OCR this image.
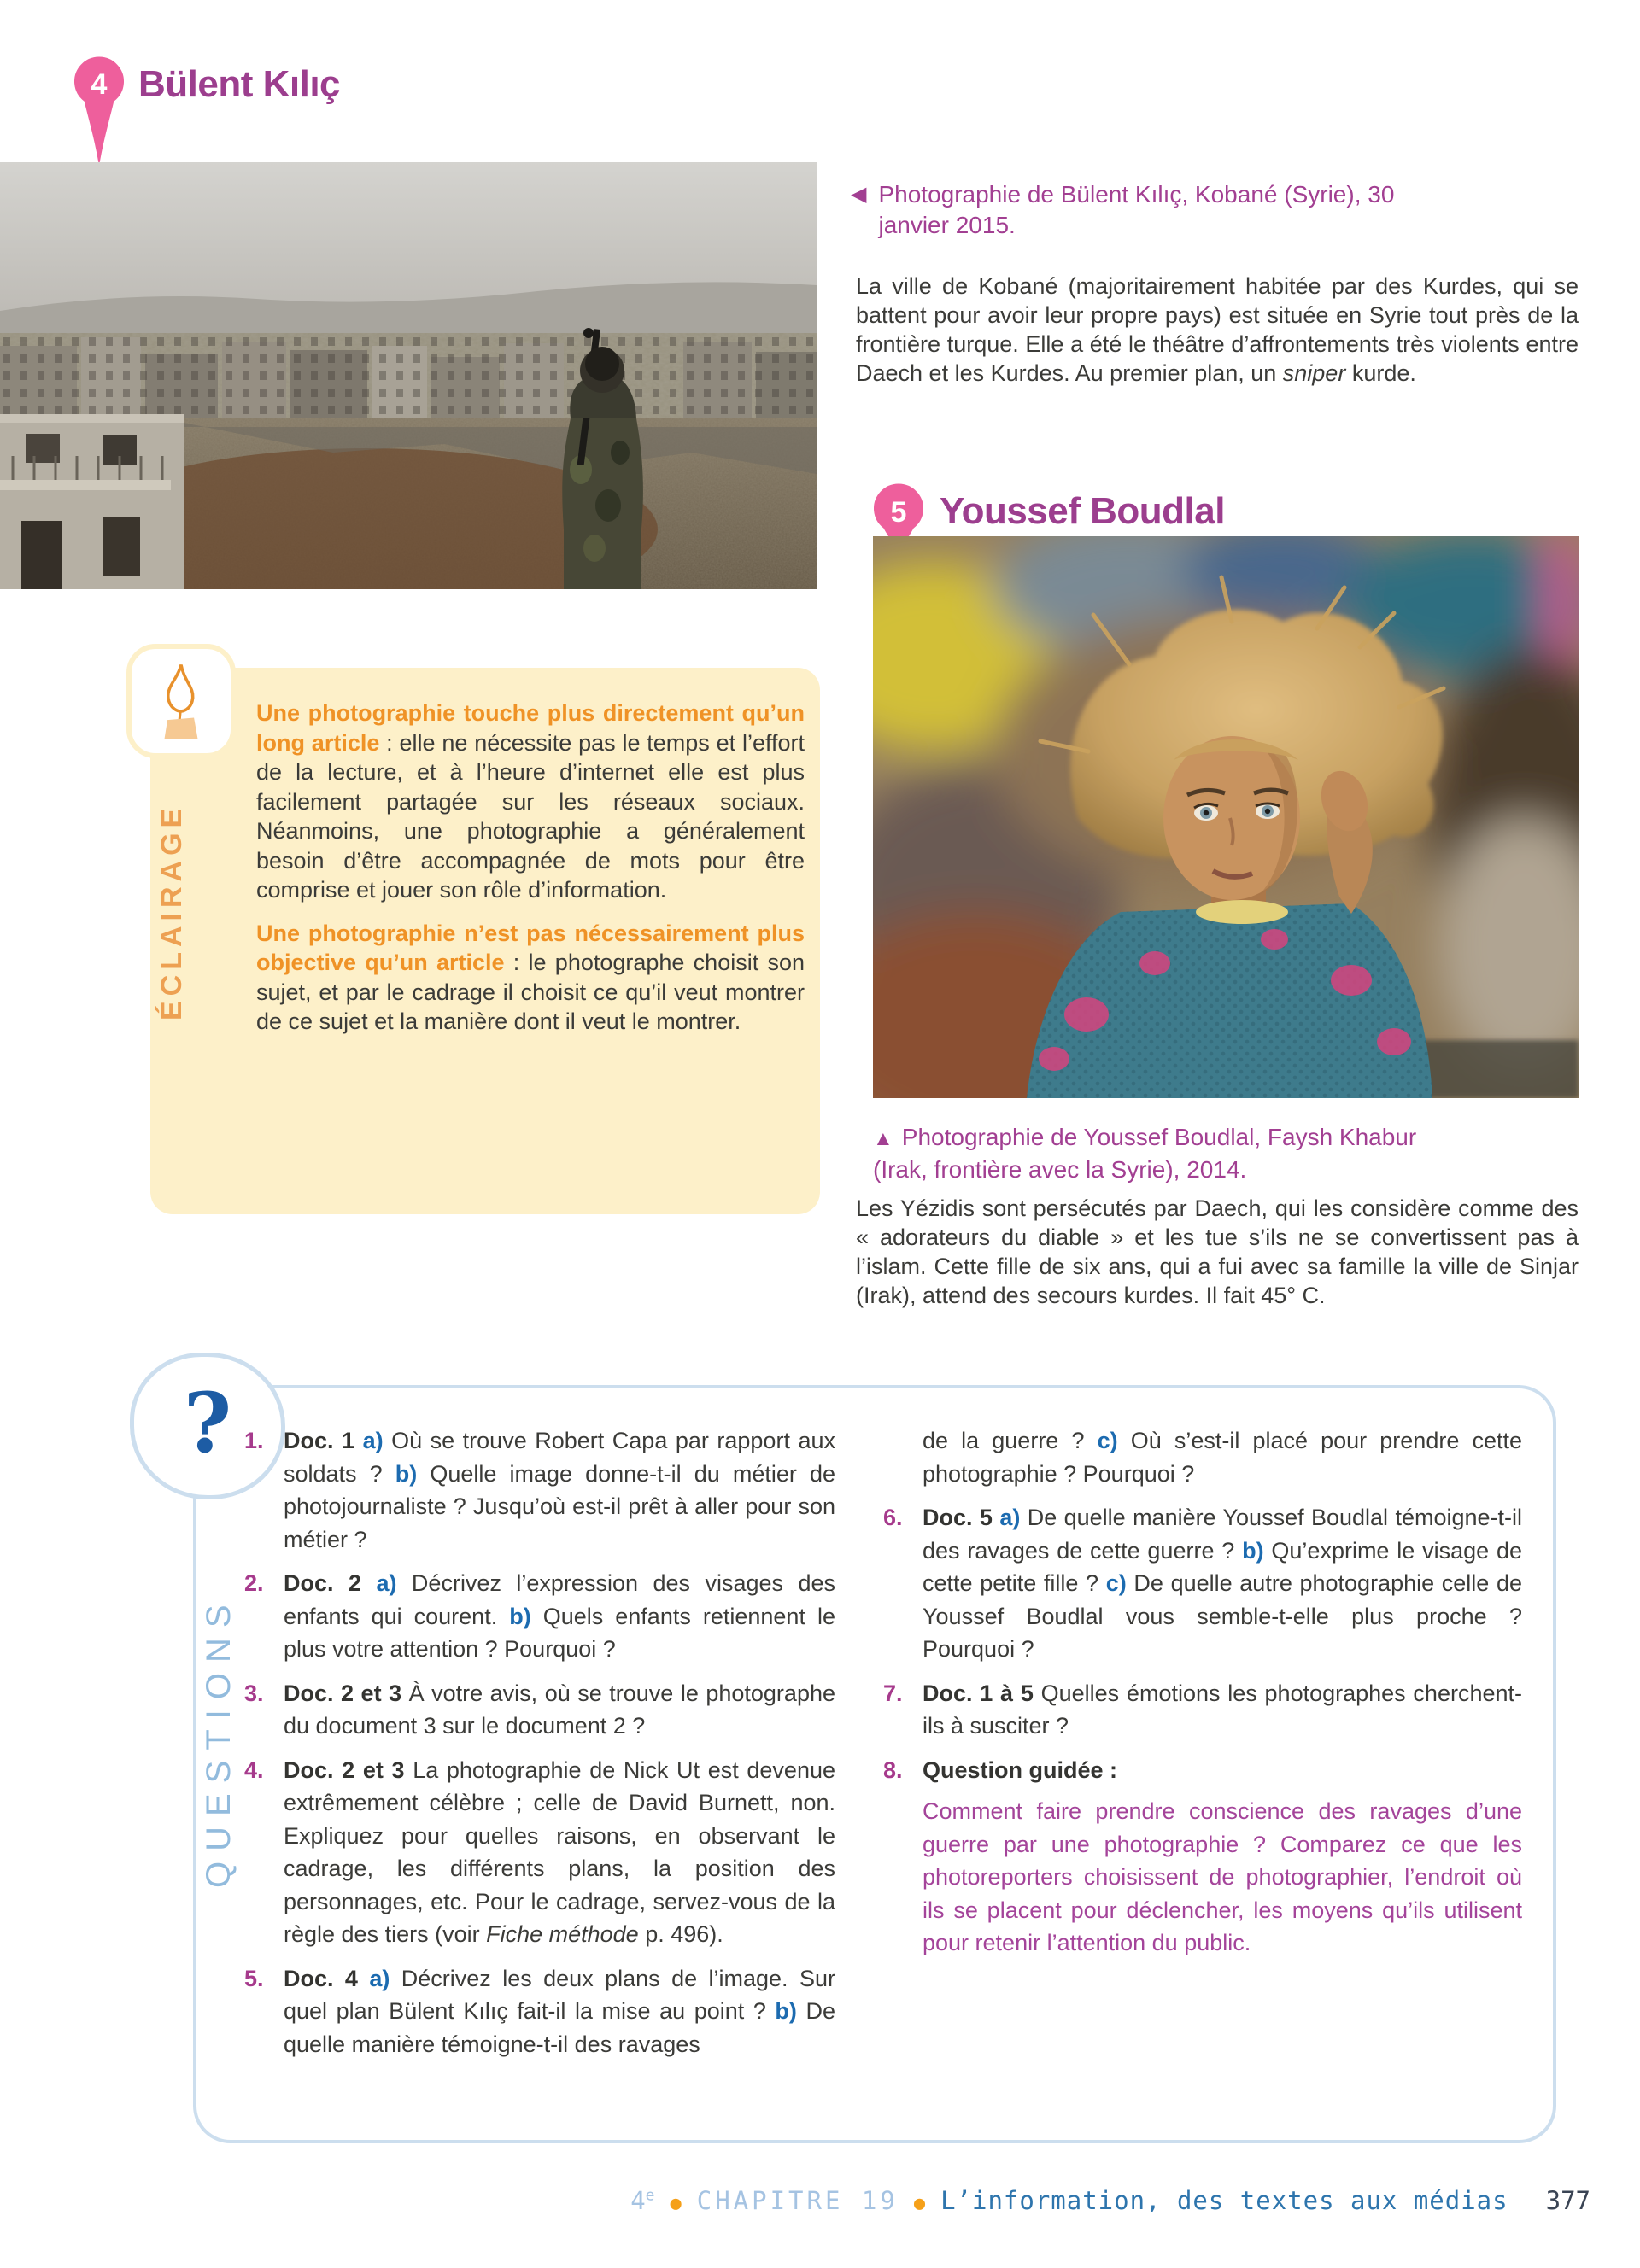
4 Bülent Kılıç
◀ Photographie de Bülent Kılıç, Kobané (Syrie), 30 janvier 2015.
La ville de Kobané (majoritairement habitée par des Kurdes, qui se battent pour avoir leur propre pays) est située en Syrie tout près de la frontière turque. Elle a été le théâtre d’affrontements très violents entre Daech et les Kurdes. Au premier plan, un sniper kurde.
5 Youssef Boudlal
▲ Photographie de Youssef Boudlal, Faysh Khabur (Irak, frontière avec la Syrie), 2014.
Les Yézidis sont persécutés par Daech, qui les considère comme des « adorateurs du diable » et les tue s’ils ne se convertissent pas à l’islam. Cette fille de six ans, qui a fui avec sa famille la ville de Sinjar (Irak), attend des secours kurdes. Il fait 45° C.
ÉCLAIRAGE

Une photographie touche plus directement qu’un long article : elle ne nécessite pas le temps et l’effort de la lecture, et à l’heure d’internet elle est plus facilement partagée sur les réseaux sociaux. Néanmoins, une photographie a généralement besoin d’être accompagnée de mots pour être comprise et jouer son rôle d’information.

Une photographie n’est pas nécessairement plus objective qu’un article : le photographe choisit son sujet, et par le cadrage il choisit ce qu’il veut montrer de ce sujet et la manière dont il veut le montrer.

?
QUESTIONS
1. Doc. 1 a) Où se trouve Robert Capa par rapport aux soldats ? b) Quelle image donne-t-il du métier de photojournaliste ? Jusqu’où est-il prêt à aller pour son métier ?
2. Doc. 2 a) Décrivez l’expression des visages des enfants qui courent. b) Quels enfants retiennent le plus votre attention ? Pourquoi ?
3. Doc. 2 et 3 À votre avis, où se trouve le photographe du document 3 sur le document 2 ?
4. Doc. 2 et 3 La photographie de Nick Ut est devenue extrêmement célèbre ; celle de David Burnett, non. Expliquez pour quelles raisons, en observant le cadrage, les différents plans, la position des personnages, etc. Pour le cadrage, servez-vous de la règle des tiers (voir Fiche méthode p. 496).
5. Doc. 4 a) Décrivez les deux plans de l’image. Sur quel plan Bülent Kılıç fait-il la mise au point ? b) De quelle manière témoigne-t-il des ravages
de la guerre ? c) Où s’est-il placé pour prendre cette photographie ? Pourquoi ?
6. Doc. 5 a) De quelle manière Youssef Boudlal témoigne-t-il des ravages de cette guerre ? b) Qu’exprime le visage de cette petite fille ? c) De quelle autre photographie celle de Youssef Boudlal vous semble-t-elle plus proche ? Pourquoi ?
7. Doc. 1 à 5 Quelles émotions les photographes cherchent-ils à susciter ?
8. Question guidée :
Comment faire prendre conscience des ravages d’une guerre par une photographie ? Comparez ce que les photoreporters choisissent de photographier, l’endroit où ils se placent pour déclencher, les moyens qu’ils utilisent pour retenir l’attention du public.
4e ● CHAPITRE 19 ● L’information, des textes aux médias 377
